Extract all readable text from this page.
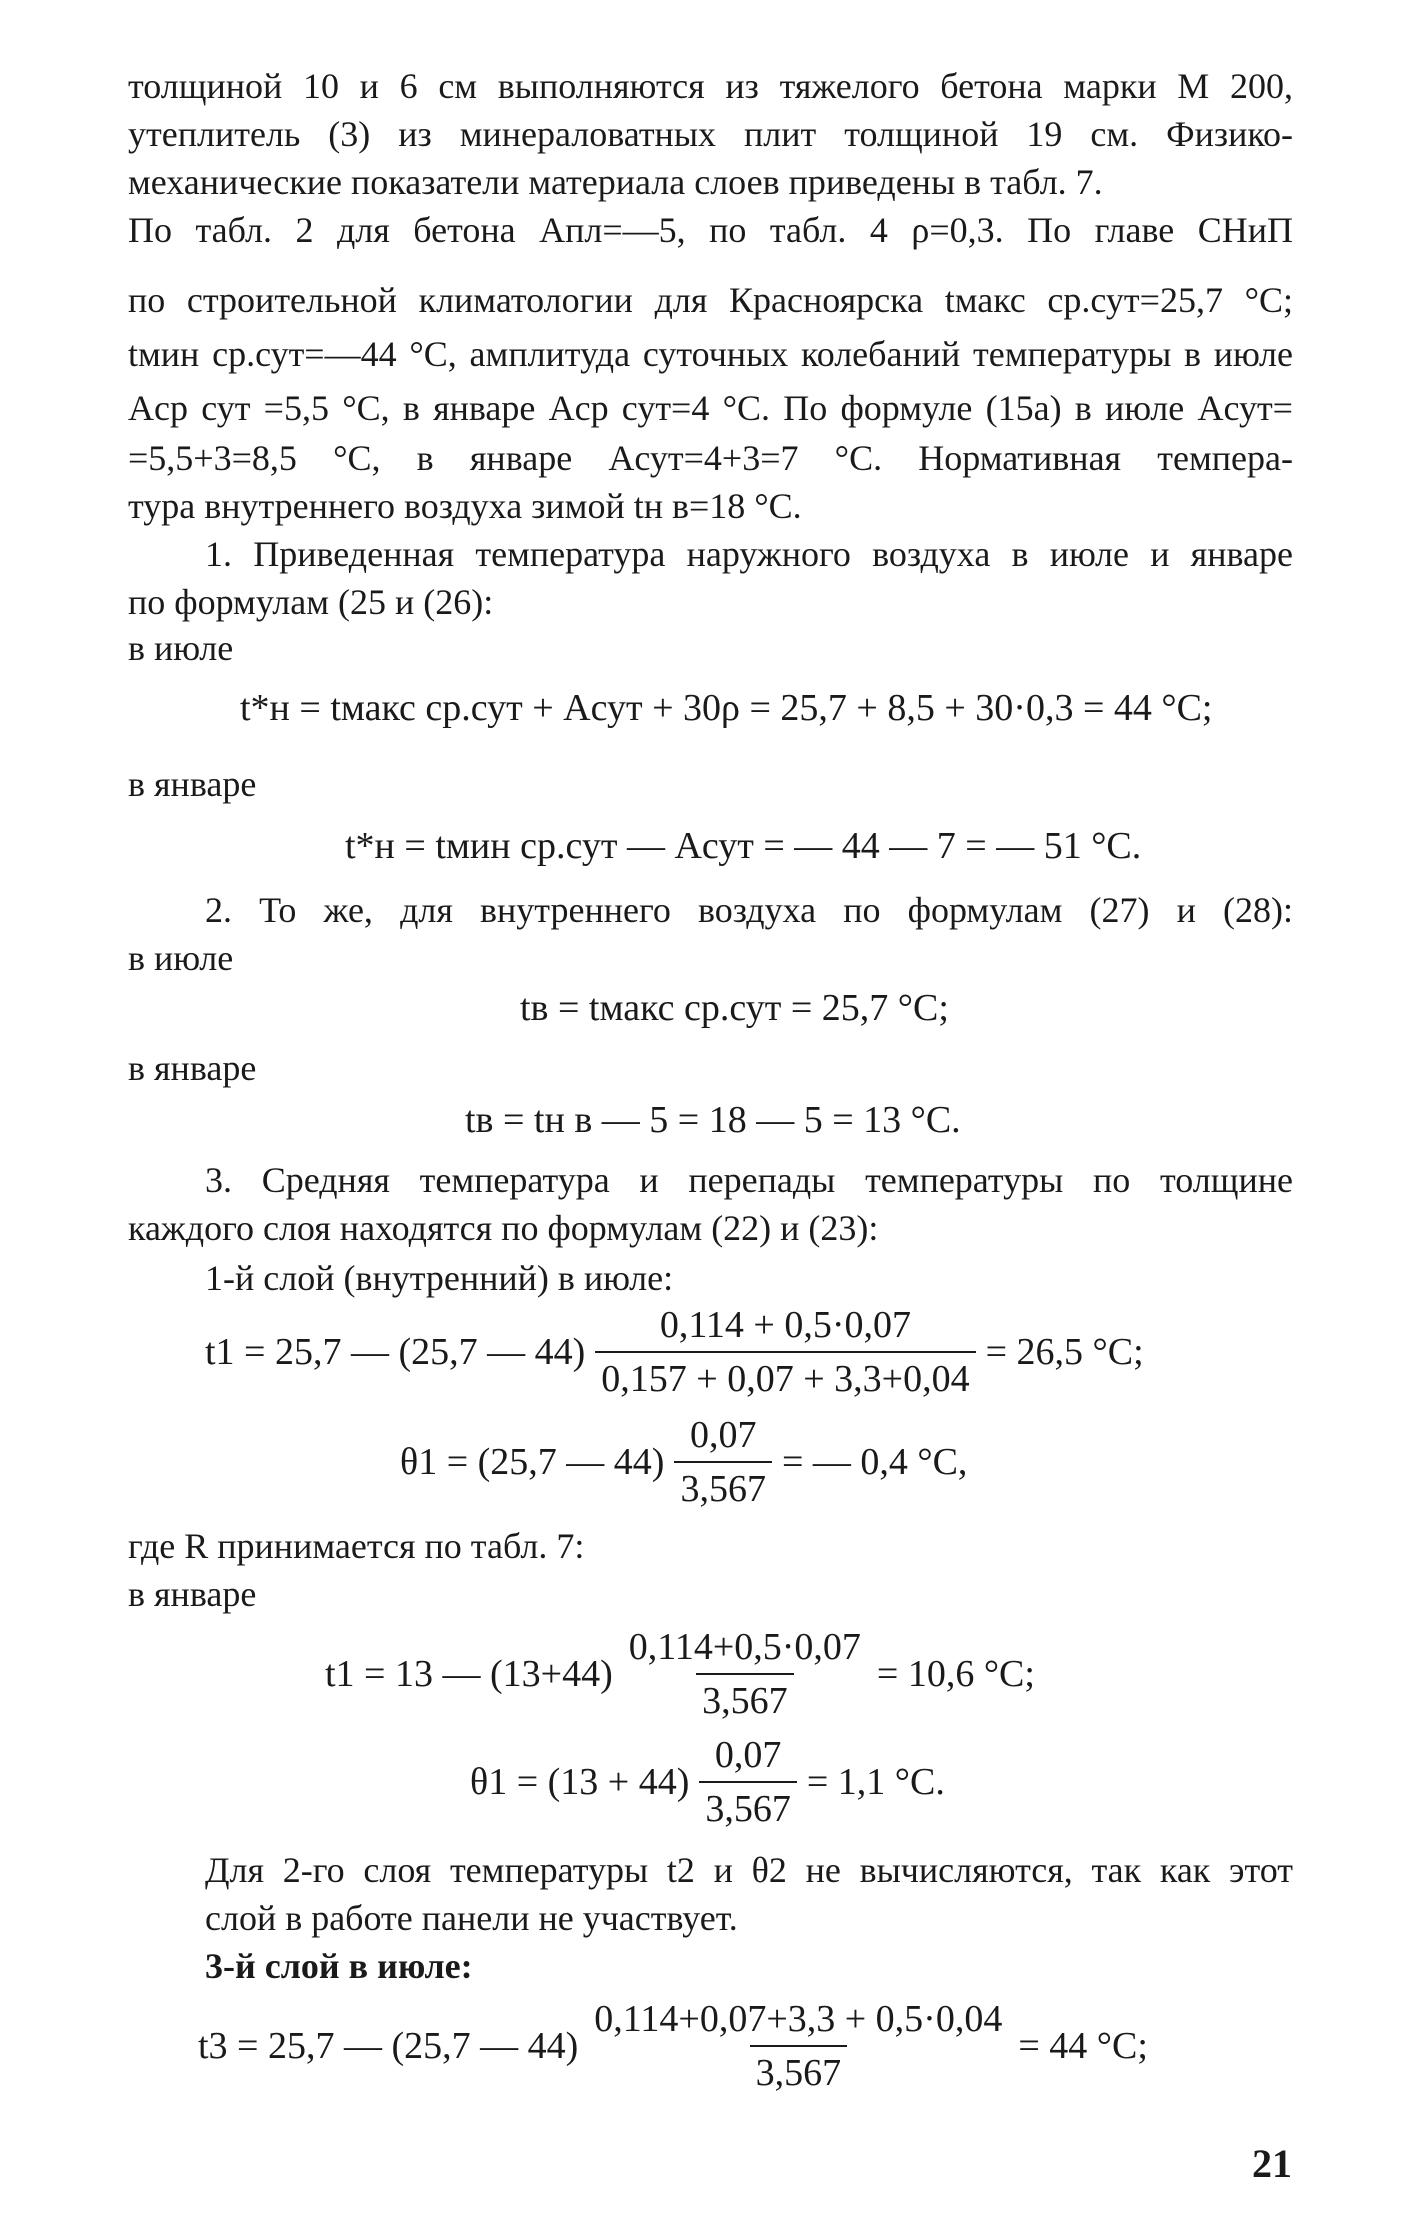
толщиной 10 и 6 см выполняются из тяжелого бетона марки М 200,
утеплитель (3) из минераловатных плит толщиной 19 см. Физико-
механические показатели материала слоев приведены в табл. 7.
По табл. 2 для бетона Aпл=—5, по табл. 4 ρ=0,3. По главе СНиП
по строительной климатологии для Красноярска tмакс ср.сут=25,7 °С;
tмин ср.сут=—44 °С, амплитуда суточных колебаний температуры в июле
Aср сут =5,5 °С, в январе Aср сут=4 °С. По формуле (15а) в июле Aсут=
=5,5+3=8,5 °С, в январе Aсут=4+3=7 °С. Нормативная темпера-
тура внутреннего воздуха зимой tн в=18 °С.
1. Приведенная температура наружного воздуха в июле и январе
по формулам (25 и (26):
в июле
t*н = tмакс ср.сут + Aсут + 30ρ = 25,7 + 8,5 + 30·0,3 = 44 °С;
в январе
t*н = tмин ср.сут — Aсут = — 44 — 7 = — 51 °С.
2. То же, для внутреннего воздуха по формулам (27) и (28):
в июле
tв = tмакс ср.сут = 25,7 °С;
в январе
tв = tн в — 5 = 18 — 5 = 13 °С.
3. Средняя температура и перепады температуры по толщине
каждого слоя находятся по формулам (22) и (23):
1-й слой (внутренний) в июле:
t1 = 25,7 — (25,7 — $44) \frac{0,114 + 0,5\cdot 0,07}{0,157 + 0,07 + 3,3+0,04} = 26,5$ °С;
θ1 = (25,7 — $44) \frac{0,07}{3,567}$ = — 0,4 °С,
где R принимается по табл. 7:
в январе
t1 = 13 — $(13+44) \frac{0,114+0,5\cdot 0,07}{3,567} = 10,6$ °С;
$\theta 1 = (13 + 44) \frac{0,07}{3,567} = 1,1$ °С.
Для 2-го слоя температуры t2 и θ2 не вычисляются, так как этот
слой в работе панели не участвует.
3-й слой в июле:
t3 = 25,7 — (25,7 — $44) \frac{0,114+0,07+3,3 + 0,5\cdot 0,04}{3,567} = 44$ °С;
21
